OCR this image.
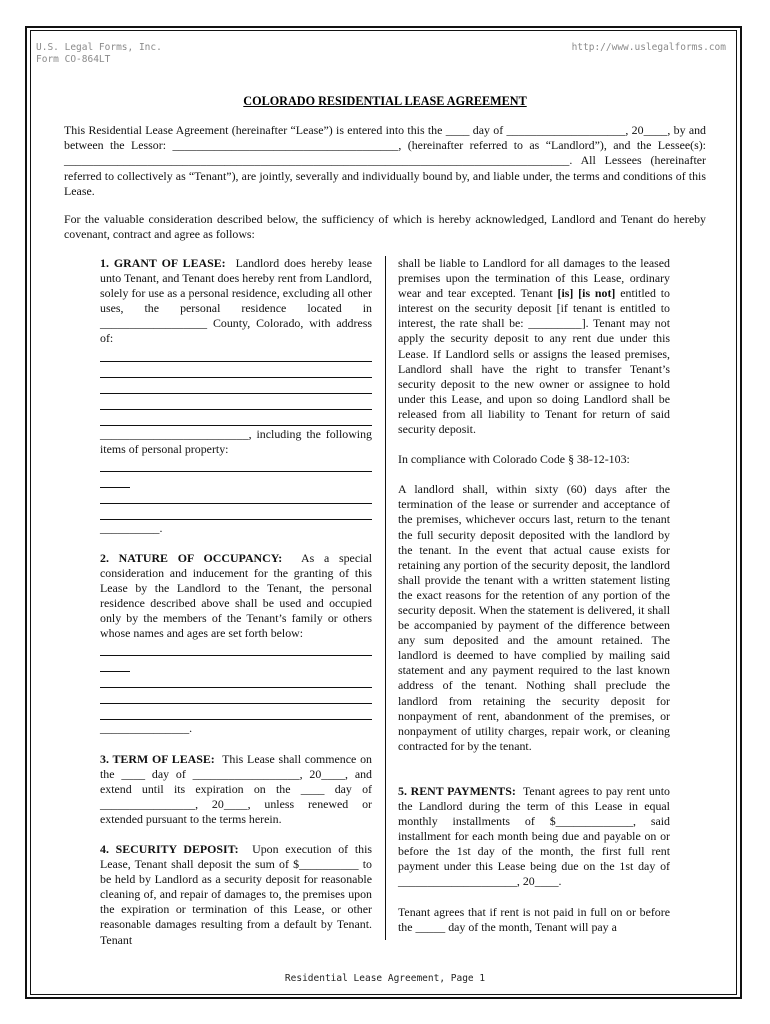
U.S. Legal Forms, Inc.
Form CO-864LT
http://www.uslegalforms.com
COLORADO RESIDENTIAL LEASE AGREEMENT
This Residential Lease Agreement (hereinafter “Lease”) is entered into this the ____ day of ____________________, 20____, by and between the Lessor: ______________________________________, (hereinafter referred to as “Landlord”), and the Lessee(s): _____________________________________________________________________________________. All Lessees (hereinafter referred to collectively as “Tenant”), are jointly, severally and individually bound by, and liable under, the terms and conditions of this Lease.
For the valuable consideration described below, the sufficiency of which is hereby acknowledged, Landlord and Tenant do hereby covenant, contract and agree as follows:

1. GRANT OF LEASE: Landlord does hereby lease unto Tenant, and Tenant does hereby rent from Landlord, solely for use as a personal residence, excluding all other uses, the personal residence located in __________________ County, Colorado, with address of:

_________________________, including the following items of personal property:

__________.

2. NATURE OF OCCUPANCY: As a special consideration and inducement for the granting of this Lease by the Landlord to the Tenant, the personal residence described above shall be used and occupied only by the members of the Tenant’s family or others whose names and ages are set forth below:

_______________.

3. TERM OF LEASE: This Lease shall commence on the ____ day of __________________, 20____, and extend until its expiration on the ____ day of ________________, 20____, unless renewed or extended pursuant to the terms herein.

4. SECURITY DEPOSIT: Upon execution of this Lease, Tenant shall deposit the sum of $__________ to be held by Landlord as a security deposit for reasonable cleaning of, and repair of damages to, the premises upon the expiration or termination of this Lease, or other reasonable damages resulting from a default by Tenant. Tenant

shall be liable to Landlord for all damages to the leased premises upon the termination of this Lease, ordinary wear and tear excepted. Tenant [is] [is not] entitled to interest on the security deposit [if tenant is entitled to interest, the rate shall be: _________]. Tenant may not apply the security deposit to any rent due under this Lease. If Landlord sells or assigns the leased premises, Landlord shall have the right to transfer Tenant’s security deposit to the new owner or assignee to hold under this Lease, and upon so doing Landlord shall be released from all liability to Tenant for return of said security deposit.

In compliance with Colorado Code § 38-12-103:

A landlord shall, within sixty (60) days after the termination of the lease or surrender and acceptance of the premises, whichever occurs last, return to the tenant the full security deposit deposited with the landlord by the tenant. In the event that actual cause exists for retaining any portion of the security deposit, the landlord shall provide the tenant with a written statement listing the exact reasons for the retention of any portion of the security deposit. When the statement is delivered, it shall be accompanied by payment of the difference between any sum deposited and the amount retained. The landlord is deemed to have complied by mailing said statement and any payment required to the last known address of the tenant. Nothing shall preclude the landlord from retaining the security deposit for nonpayment of rent, abandonment of the premises, or nonpayment of utility charges, repair work, or cleaning contracted for by the tenant.

5. RENT PAYMENTS: Tenant agrees to pay rent unto the Landlord during the term of this Lease in equal monthly installments of $_____________, said installment for each month being due and payable on or before the 1st day of the month, the first full rent payment under this Lease being due on the 1st day of ____________________, 20____.

Tenant agrees that if rent is not paid in full on or before the _____ day of the month, Tenant will pay a

Residential Lease Agreement, Page 1
